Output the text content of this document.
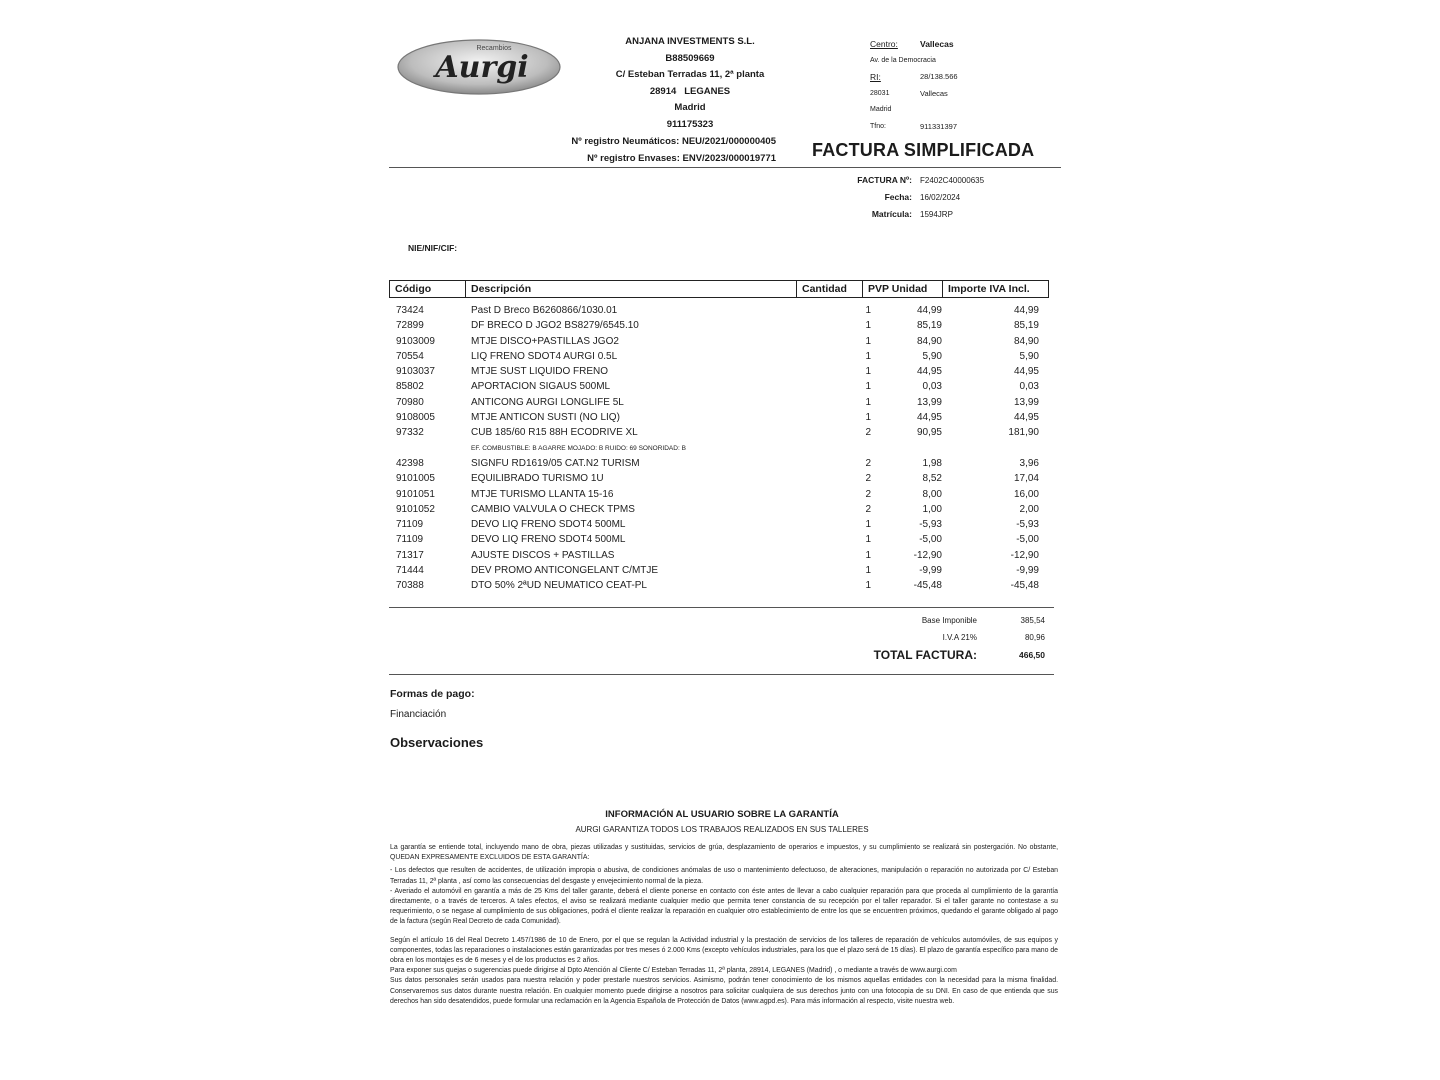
Recambios
Aurgi
ANJANA INVESTMENTS S.L.
B88509669
C/ Esteban Terradas 11, 2ª planta
28914   LEGANES
Madrid
911175323
Nº registro Neumáticos: NEU/2021/000000405
Nº registro Envases: ENV/2023/000019771
Centro:	Vallecas
Av. de la Democracia
RI:	28/138.566
28031	Vallecas
Madrid
Tfno:	911331397
FACTURA SIMPLIFICADA
FACTURA Nº:	F2402C40000635
Fecha:	16/02/2024
Matrícula:	1594JRP
NIE/NIF/CIF:
Código	Descripción	Cantidad	PVP Unidad	Importe IVA Incl.
73424	Past D Breco B6260866/1030.01	1	44,99	44,99
72899	DF BRECO D JGO2 BS8279/6545.10	1	85,19	85,19
9103009	MTJE DISCO+PASTILLAS JGO2	1	84,90	84,90
70554	LIQ FRENO SDOT4 AURGI 0.5L	1	5,90	5,90
9103037	MTJE SUST LIQUIDO FRENO	1	44,95	44,95
85802	APORTACION SIGAUS 500ML	1	0,03	0,03
70980	ANTICONG AURGI LONGLIFE 5L	1	13,99	13,99
9108005	MTJE ANTICON SUSTI (NO LIQ)	1	44,95	44,95
97332	CUB 185/60 R15 88H ECODRIVE XL	2	90,95	181,90
EF. COMBUSTIBLE: B AGARRE MOJADO: B RUIDO: 69 SONORIDAD: B
42398	SIGNFU RD1619/05 CAT.N2 TURISM	2	1,98	3,96
9101005	EQUILIBRADO TURISMO 1U	2	8,52	17,04
9101051	MTJE TURISMO LLANTA 15-16	2	8,00	16,00
9101052	CAMBIO VALVULA O CHECK TPMS	2	1,00	2,00
71109	DEVO LIQ FRENO SDOT4 500ML	1	-5,93	-5,93
71109	DEVO LIQ FRENO SDOT4 500ML	1	-5,00	-5,00
71317	AJUSTE DISCOS + PASTILLAS	1	-12,90	-12,90
71444	DEV PROMO ANTICONGELANT C/MTJE	1	-9,99	-9,99
70388	DTO 50% 2ªUD NEUMATICO CEAT-PL	1	-45,48	-45,48
Base Imponible	385,54
I.V.A 21%	80,96
TOTAL FACTURA:	466,50
Formas de pago:
Financiación
Observaciones
INFORMACIÓN AL USUARIO SOBRE LA GARANTÍA
AURGI GARANTIZA TODOS LOS TRABAJOS REALIZADOS EN SUS TALLERES

La garantía se entiende total, incluyendo mano de obra, piezas utilizadas y sustituidas, servicios de grúa, desplazamiento de operarios e impuestos, y su cumplimiento se realizará sin postergación. No obstante, QUEDAN EXPRESAMENTE EXCLUIDOS DE ESTA GARANTÍA:

- Los defectos que resulten de accidentes, de utilización impropia o abusiva, de condiciones anómalas de uso o mantenimiento defectuoso, de alteraciones, manipulación o reparación no autorizada por C/ Esteban Terradas 11, 2ª planta , así como las consecuencias del desgaste y envejecimiento normal de la pieza.

- Averiado el automóvil en garantía a más de 25 Kms del taller garante, deberá el cliente ponerse en contacto con éste antes de llevar a cabo cualquier reparación para que proceda al cumplimiento de la garantía directamente, o a través de terceros. A tales efectos, el aviso se realizará mediante cualquier medio que permita tener constancia de su recepción por el taller reparador. Si el taller garante no contestase a su requerimiento, o se negase al cumplimiento de sus obligaciones, podrá el cliente realizar la reparación en cualquier otro establecimiento de entre los que se encuentren próximos, quedando el garante obligado al pago de la factura (según Real Decreto de cada Comunidad).

Según el artículo 16 del Real Decreto 1.457/1986 de 10 de Enero, por el que se regulan la Actividad industrial y la prestación de servicios de los talleres de reparación de vehículos automóviles, de sus equipos y componentes, todas las reparaciones o instalaciones están garantizadas por tres meses ó 2.000 Kms (excepto vehículos industriales, para los que el plazo será de 15 días). El plazo de garantía específico para mano de obra en los montajes es de 6 meses y el de los productos es 2 años.

Para exponer sus quejas o sugerencias puede dirigirse al Dpto Atención al Cliente C/ Esteban Terradas 11, 2ª planta, 28914, LEGANES (Madrid) , o mediante a través de www.aurgi.com

Sus datos personales serán usados para nuestra relación y poder prestarle nuestros servicios. Asimismo, podrán tener conocimiento de los mismos aquellas entidades con la necesidad para la misma finalidad. Conservaremos sus datos durante nuestra relación. En cualquier momento puede dirigirse a nosotros para solicitar cualquiera de sus derechos junto con una fotocopia de su DNI. En caso de que entienda que sus derechos han sido desatendidos, puede formular una reclamación en la Agencia Española de Protección de Datos (www.agpd.es). Para más información al respecto, visite nuestra web.
